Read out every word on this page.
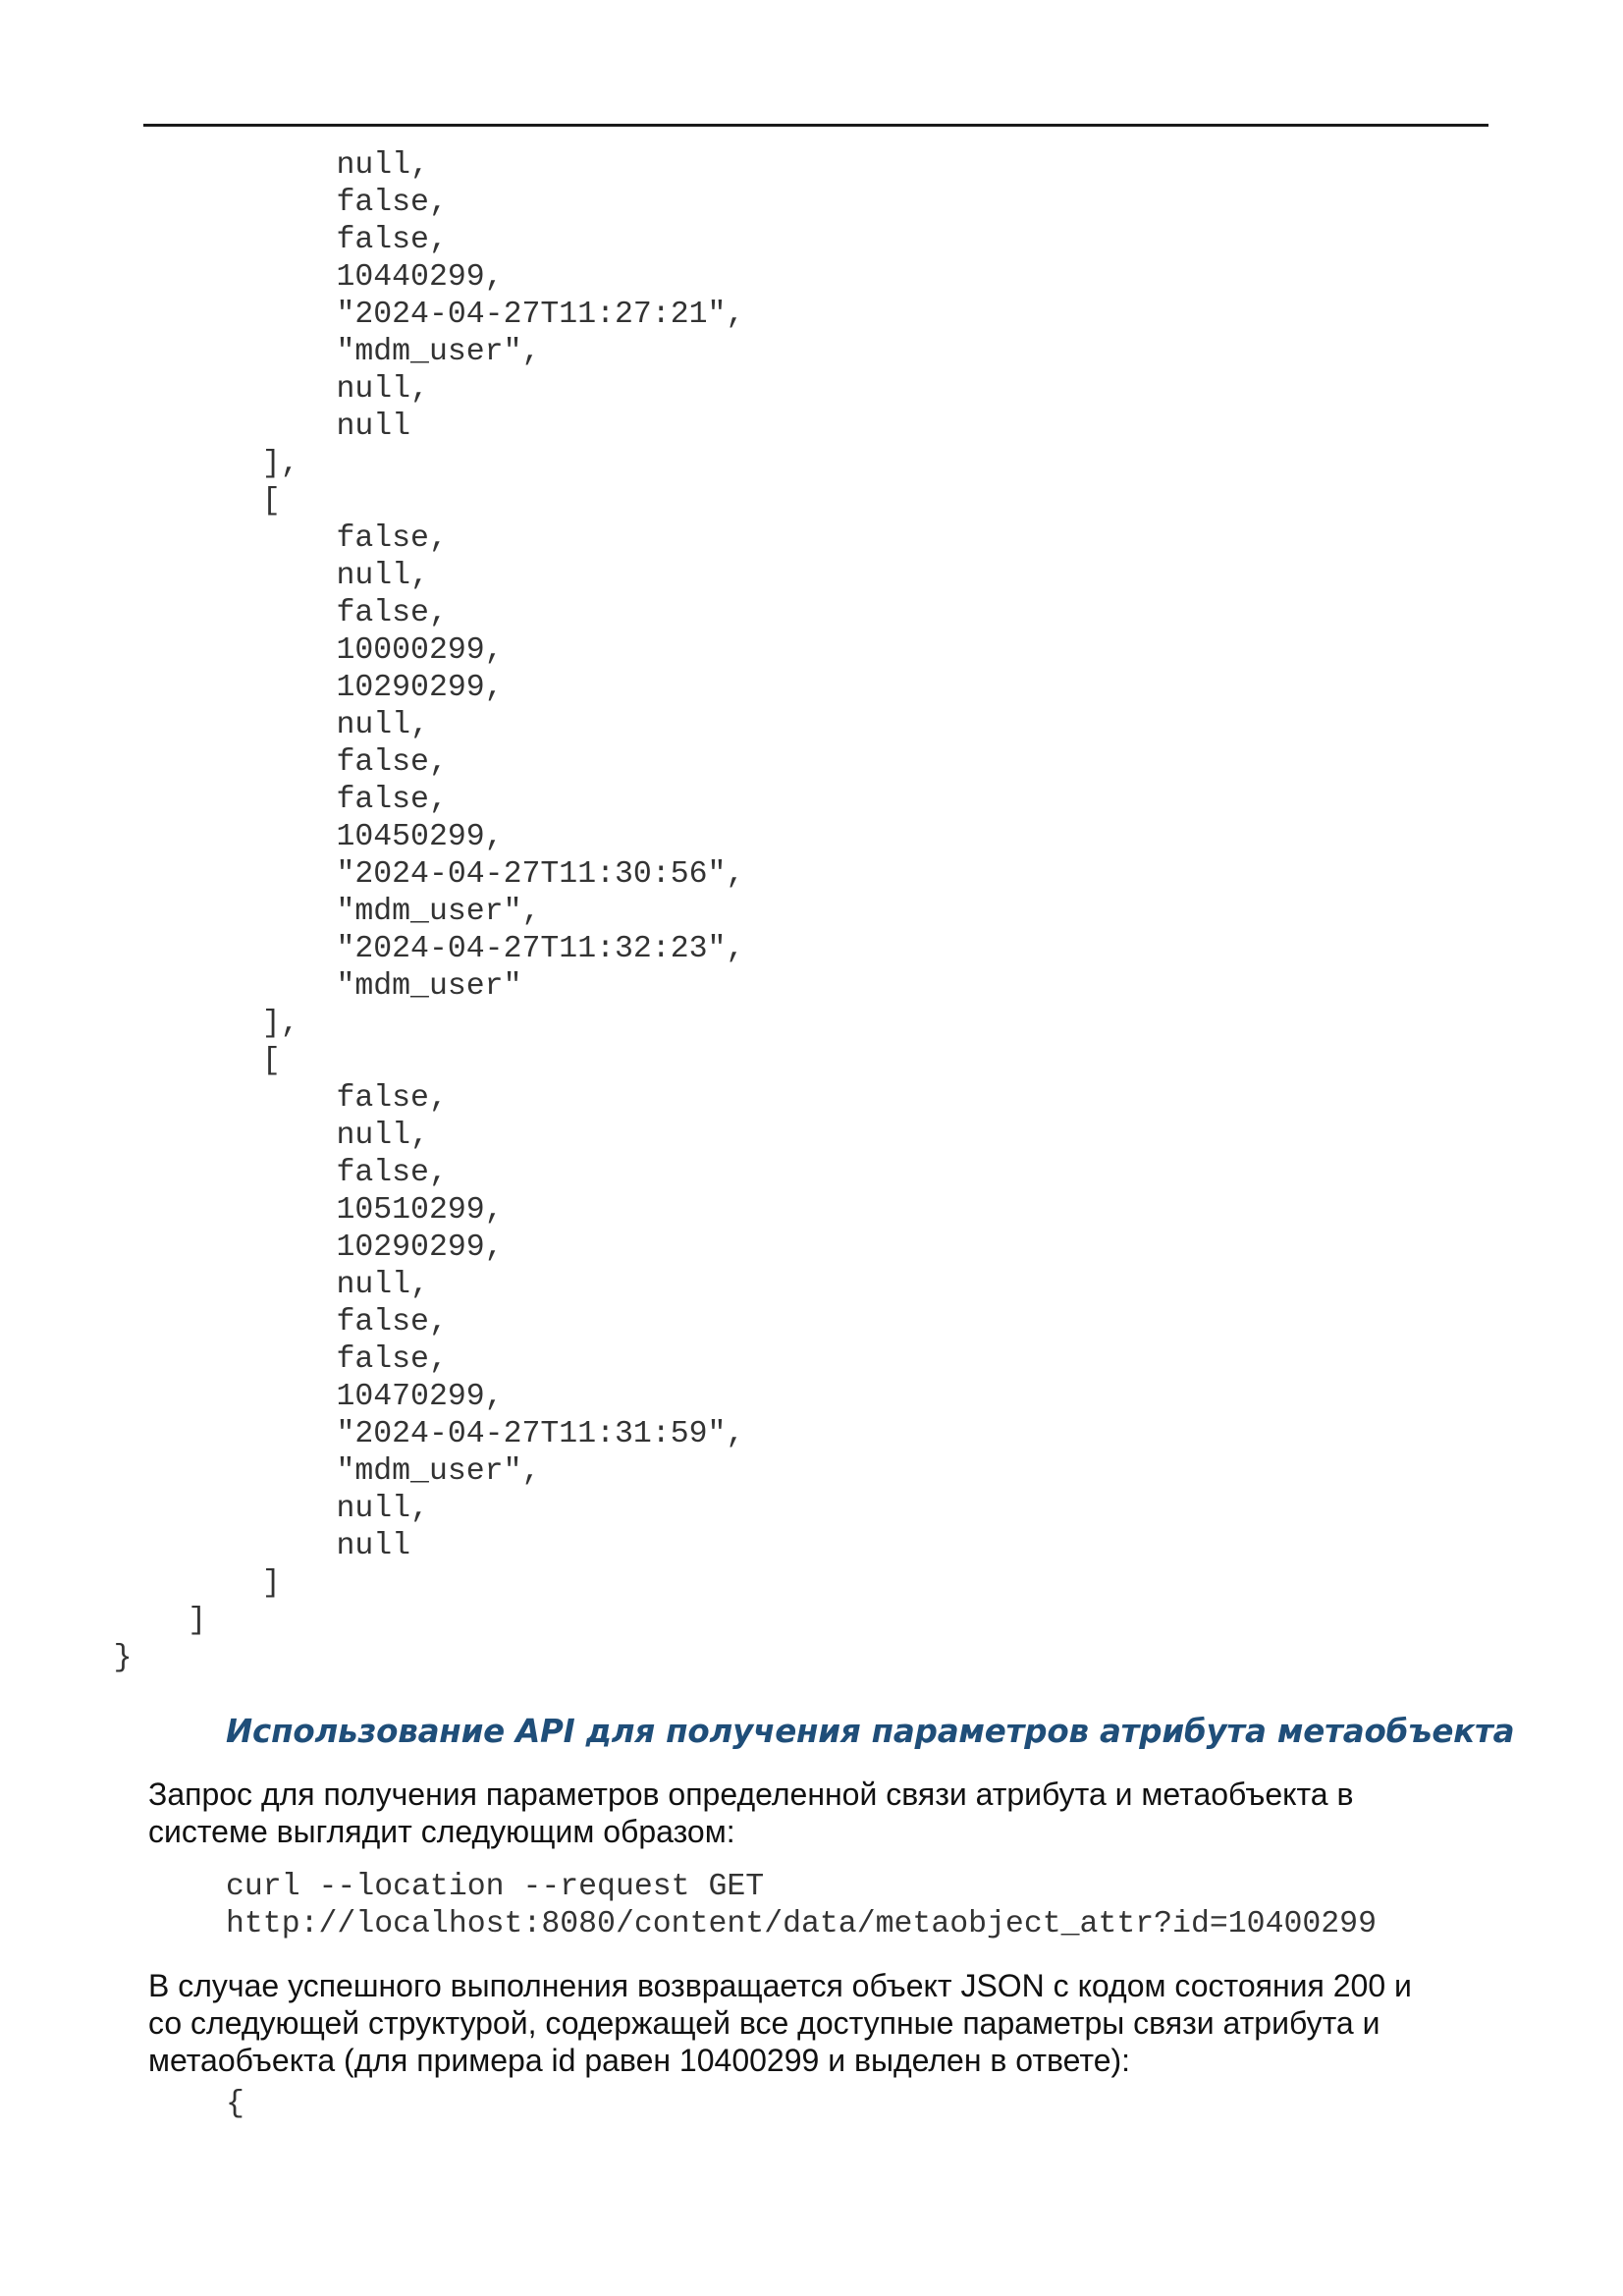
null,
false,
false,
10440299,
"2024-04-27T11:27:21",
"mdm_user",
null,
null
],
[
false,
null,
false,
10000299,
10290299,
null,
false,
false,
10450299,
"2024-04-27T11:30:56",
"mdm_user",
"2024-04-27T11:32:23",
"mdm_user"
],
[
false,
null,
false,
10510299,
10290299,
null,
false,
false,
10470299,
"2024-04-27T11:31:59",
"mdm_user",
null,
null
]
]
}
Использование API для получения параметров атрибута метаобъекта

Запрос для получения параметров определенной связи атрибута и метаобъекта в
системе выглядит следующим образом:

curl --location --request GET
http://localhost:8080/content/data/metaobject_attr?id=10400299

В случае успешного выполнения возвращается объект JSON с кодом состояния 200 и
со следующей структурой, содержащей все доступные параметры связи атрибута и
метаобъекта (для примера id равен 10400299 и выделен в ответе):

{
